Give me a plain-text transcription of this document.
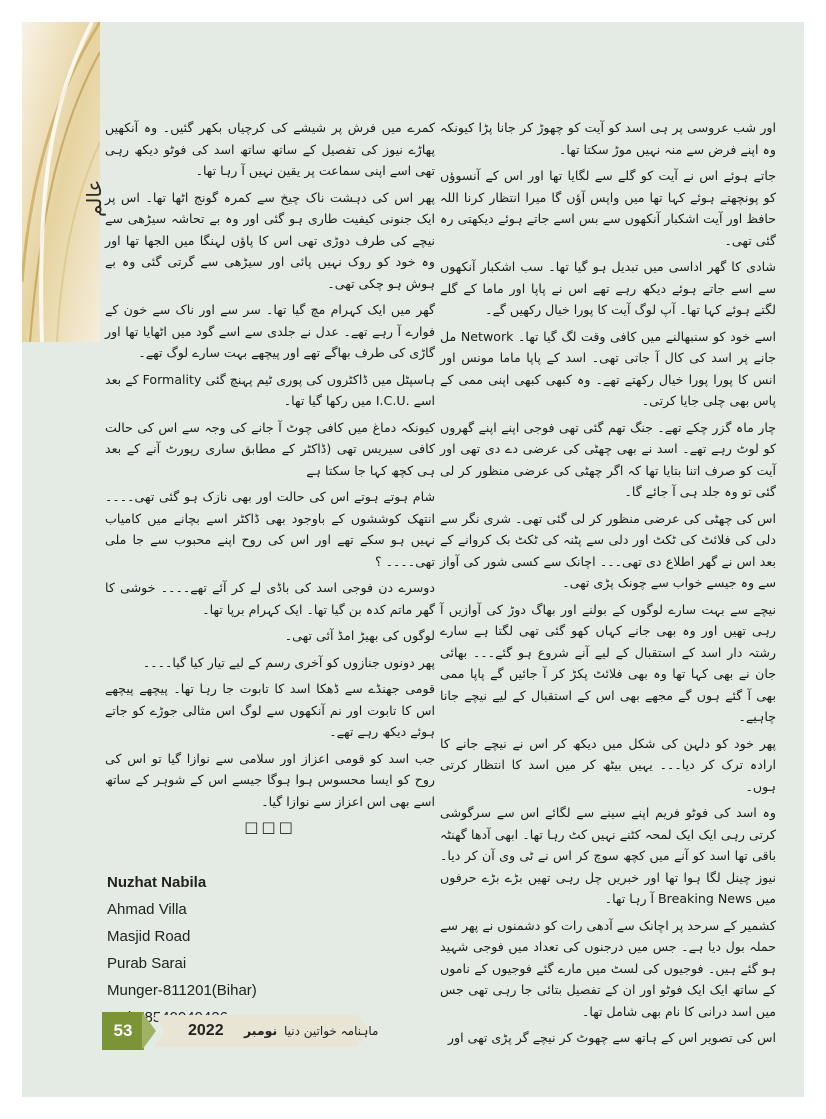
عالم

اور شب عروسی پر ہی اسد کو آیت کو چھوڑ کر جانا پڑا کیونکہ وہ اپنے فرض سے منہ نہیں موڑ سکتا تھا۔

جاتے ہوئے اس نے آیت کو گلے سے لگایا تھا اور اس کے آنسوؤں کو پونچھتے ہوئے کہا تھا میں واپس آؤں گا میرا انتظار کرنا اللہ حافظ اور آیت اشکبار آنکھوں سے بس اسے جاتے ہوئے دیکھتی رہ گئی تھی۔

شادی کا گھر اداسی میں تبدیل ہو گیا تھا۔ سب اشکبار آنکھوں سے اسے جاتے ہوئے دیکھ رہے تھے اس نے پاپا اور ماما کے گلے لگتے ہوئے کہا تھا۔ آپ لوگ آیت کا پورا خیال رکھیں گے۔

اسے خود کو سنبھالنے میں کافی وقت لگ گیا تھا۔ Network مل جانے پر اسد کی کال آ جاتی تھی۔ اسد کے پاپا ماما مونس اور انس کا پورا پورا خیال رکھتے تھے۔ وہ کبھی کبھی اپنی ممی کے پاس بھی چلی جایا کرتی۔

چار ماہ گزر چکے تھے۔ جنگ تھم گئی تھی فوجی اپنے اپنے گھروں کو لوٹ رہے تھے۔ اسد نے بھی چھٹی کی عرضی دے دی تھی اور آیت کو صرف اتنا بتایا تھا کہ اگر چھٹی کی عرضی منظور کر لی گئی تو وہ جلد ہی آ جائے گا۔

اس کی چھٹی کی عرضی منظور کر لی گئی تھی۔ شری نگر سے دلی کی فلائٹ کی ٹکٹ اور دلی سے پٹنہ کی ٹکٹ بک کروانے کے بعد اس نے گھر اطلاع دی تھی۔۔۔ اچانک سے کسی شور کی آواز سے وہ جیسے خواب سے چونک پڑی تھی۔

نیچے سے بہت سارے لوگوں کے بولنے اور بھاگ دوڑ کی آوازیں آ رہی تھیں اور وہ بھی جانے کہاں کھو گئی تھی لگتا ہے سارے رشتہ دار اسد کے استقبال کے لیے آنے شروع ہو گئے۔۔۔ بھائی جان نے بھی کہا تھا وہ بھی فلائٹ پکڑ کر آ جائیں گے پاپا ممی بھی آ گئے ہوں گے مجھے بھی اس کے استقبال کے لیے نیچے جانا چاہیے۔

پھر خود کو دلہن کی شکل میں دیکھ کر اس نے نیچے جانے کا ارادہ ترک کر دیا۔۔۔ یہیں بیٹھ کر میں اسد کا انتظار کرتی ہوں۔

وہ اسد کی فوٹو فریم اپنے سینے سے لگائے اس سے سرگوشی کرتی رہی ایک ایک لمحہ کٹنے نہیں کٹ رہا تھا۔ ابھی آدھا گھنٹہ باقی تھا اسد کو آنے میں کچھ سوچ کر اس نے ٹی وی آن کر دیا۔ نیوز چینل لگا ہوا تھا اور خبریں چل رہی تھیں بڑے بڑے حرفوں میں Breaking News آ رہا تھا۔

کشمیر کے سرحد پر اچانک سے آدھی رات کو دشمنوں نے پھر سے حملہ بول دیا ہے۔ جس میں درجنوں کی تعداد میں فوجی شہید ہو گئے ہیں۔ فوجیوں کی لسٹ میں مارے گئے فوجیوں کے ناموں کے ساتھ ایک ایک فوٹو اور ان کے تفصیل بتائی جا رہی تھی جس میں اسد درانی کا نام بھی شامل تھا۔

اس کی تصویر اس کے ہاتھ سے چھوٹ کر نیچے گر پڑی تھی اور

کمرے میں فرش پر شیشے کی کرچیاں بکھر گئیں۔ وہ آنکھیں پھاڑے نیوز کی تفصیل کے ساتھ ساتھ اسد کی فوٹو دیکھ رہی تھی اسے اپنی سماعت پر یقین نہیں آ رہا تھا۔

پھر اس کی دہشت ناک چیخ سے کمرہ گونج اٹھا تھا۔ اس پر ایک جنونی کیفیت طاری ہو گئی اور وہ بے تحاشہ سیڑھی سے نیچے کی طرف دوڑی تھی اس کا پاؤں لہنگا میں الجھا تھا اور وہ خود کو روک نہیں پائی اور سیڑھی سے گرتی گئی وہ بے ہوش ہو چکی تھی۔

گھر میں ایک کہرام مچ گیا تھا۔ سر سے اور ناک سے خون کے فوارے آ رہے تھے۔ عدل نے جلدی سے اسے گود میں اٹھایا تھا اور گاڑی کی طرف بھاگے تھے اور پیچھے بہت سارے لوگ تھے۔

ہاسپٹل میں ڈاکٹروں کی پوری ٹیم پہنچ گئی Formality کے بعد اسے .I.C.U میں رکھا گیا تھا۔

کیونکہ دماغ میں کافی چوٹ آ جانے کی وجہ سے اس کی حالت کافی سیریس تھی (ڈاکٹر کے مطابق ساری رپورٹ آنے کے بعد ہی کچھ کہا جا سکتا ہے

شام ہوتے ہوتے اس کی حالت اور بھی نازک ہو گئی تھی۔۔۔۔ انتھک کوششوں کے باوجود بھی ڈاکٹر اسے بچانے میں کامیاب نہیں ہو سکے تھے اور اس کی روح اپنے محبوب سے جا ملی تھی۔۔۔۔ ؟

دوسرے دن فوجی اسد کی باڈی لے کر آئے تھے۔۔۔۔ خوشی کا گھر ماتم کدہ بن گیا تھا۔ ایک کہرام برپا تھا۔

لوگوں کی بھیڑ امڈ آئی تھی۔

پھر دونوں جنازوں کو آخری رسم کے لیے تیار کیا گیا۔۔۔۔

قومی جھنڈے سے ڈھکا اسد کا تابوت جا رہا تھا۔ پیچھے پیچھے اس کا تابوت اور نم آنکھوں سے لوگ اس مثالی جوڑے کو جاتے ہوئے دیکھ رہے تھے۔

جب اسد کو قومی اعزاز اور سلامی سے نوازا گیا تو اس کی روح کو ایسا محسوس ہوا ہوگا جیسے اس کے شوہر کے ساتھ اسے بھی اس اعزاز سے نوازا گیا۔

□□□
Nuzhat Nabila
Ahmad Villa
Masjid Road
Purab Sarai
Munger-811201(Bihar)
53	2022 نومبر ماہنامہ خواتین دنیا
